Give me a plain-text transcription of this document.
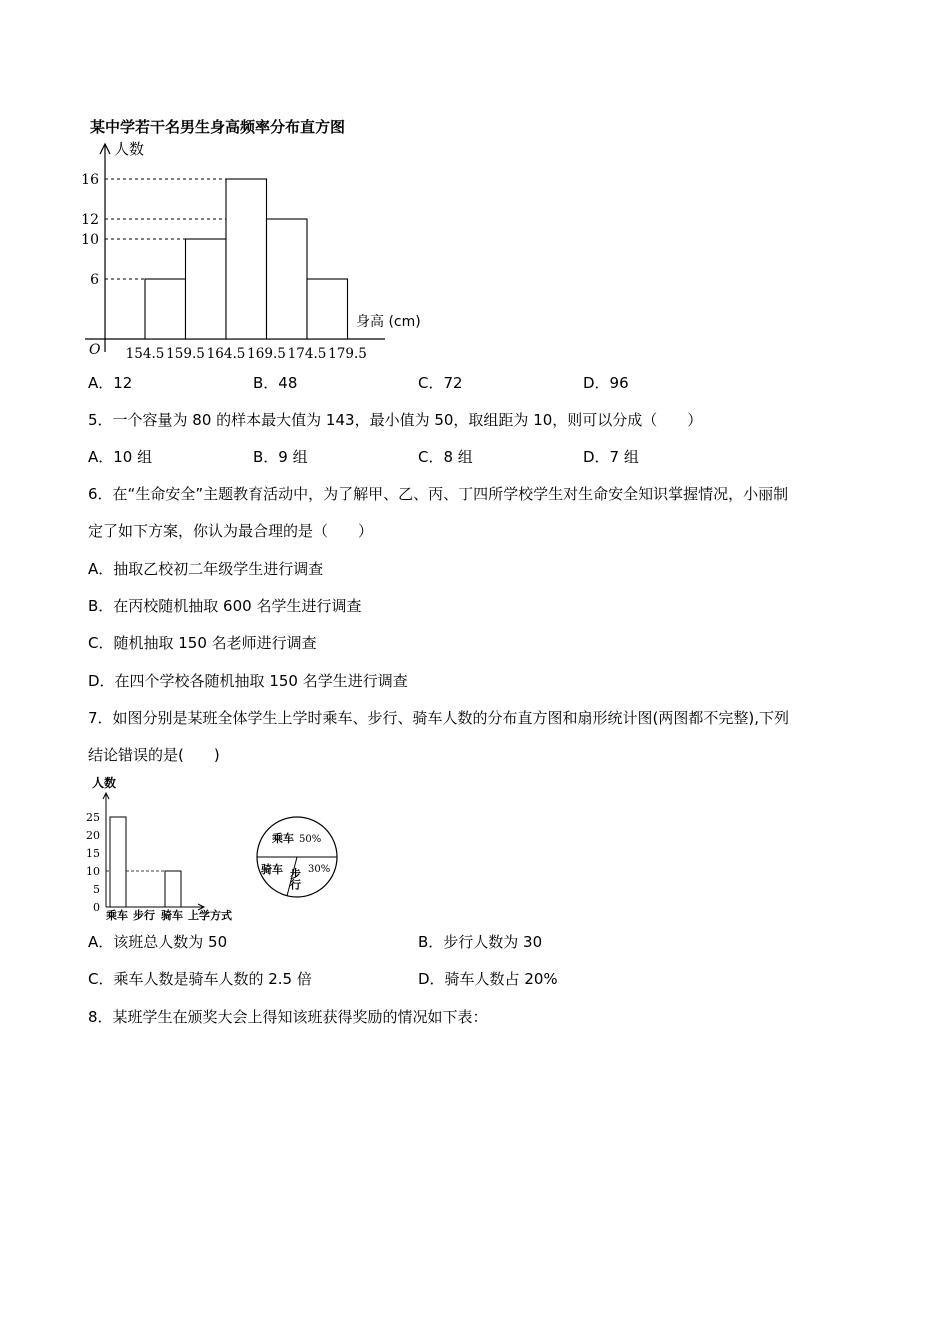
某中学若干名男生身高频率分布直方图
人数
身高 (cm)
O
6
10
12
16
154.5 159.5 164.5 169.5 174.5 179.5
A．12	B．48	C．72	D．96
5．一个容量为 80 的样本最大值为 143，最小值为 50，取组距为 10，则可以分成（　　）
A．10 组	B．9 组	C．8 组	D．7 组
6．在“生命安全”主题教育活动中，为了解甲、乙、丙、丁四所学校学生对生命安全知识掌握情况，小丽制
定了如下方案，你认为最合理的是（　　）
A．抽取乙校初二年级学生进行调查
B．在丙校随机抽取 600 名学生进行调查
C．随机抽取 150 名老师进行调查
D．在四个学校各随机抽取 150 名学生进行调查
7．如图分别是某班全体学生上学时乘车、步行、骑车人数的分布直方图和扇形统计图(两图都不完整),下列
结论错误的是(　　)
人数
0
5
10
15
20
25
乘车 步行 骑车 上学方式
乘车 50%
骑车 步行 30%
A．该班总人数为 50	B．步行人数为 30
C．乘车人数是骑车人数的 2.5 倍	D．骑车人数占 20%
8．某班学生在颁奖大会上得知该班获得奖励的情况如下表：
